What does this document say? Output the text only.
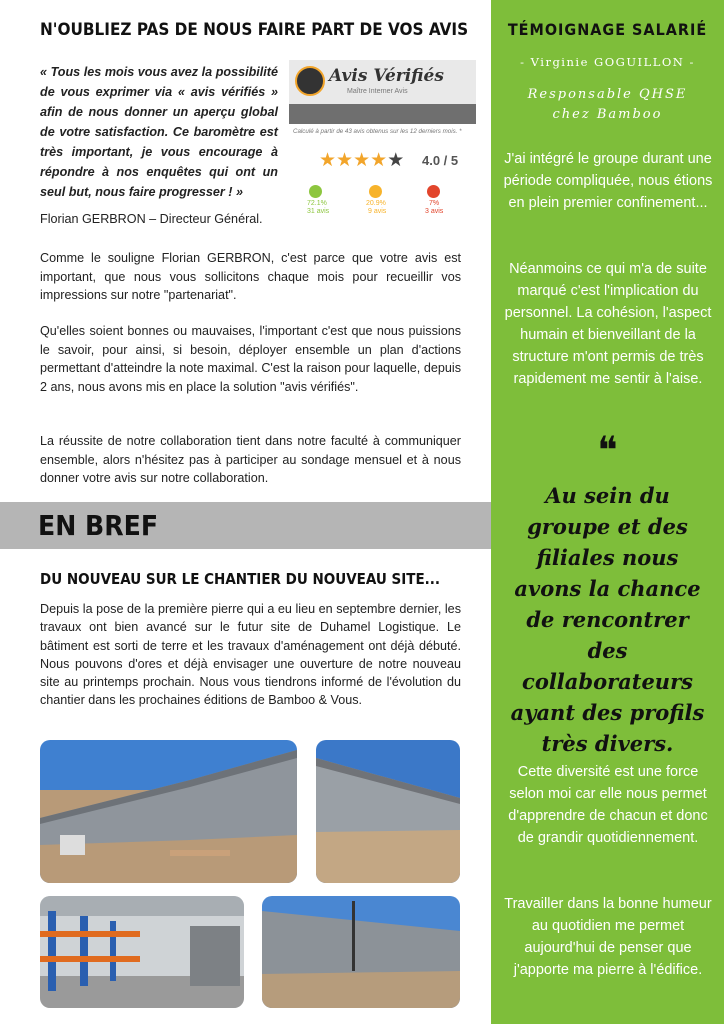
N'OUBLIEZ PAS DE NOUS FAIRE PART DE VOS AVIS
« Tous les mois vous avez la possibilité de vous exprimer via « avis vérifiés » afin de nous donner un aperçu global de votre satisfaction. Ce baromètre est très important, je vous encourage à répondre à nos enquêtes qui ont un seul but, nous faire progresser ! »
Florian GERBRON – Directeur Général.
Avis Vérifiés
Maître Interner Avis
Calculé à partir de 43 avis obtenus sur les 12 derniers mois. *
★★★★★ 4.0 / 5
72.1%
31 avis
20.9%
9 avis
7%
3 avis
Comme le souligne Florian GERBRON, c'est parce que votre avis est important, que nous vous sollicitons chaque mois pour recueillir vos impressions sur notre "partenariat".
Qu'elles soient bonnes ou mauvaises, l'important c'est que nous puissions le savoir, pour ainsi, si besoin, déployer ensemble un plan d'actions permettant d'atteindre la note maximal. C'est la raison pour laquelle, depuis 2 ans, nous avons mis en place la solution "avis vérifiés".
La réussite de notre collaboration tient dans notre faculté à communiquer ensemble, alors n'hésitez pas à participer au sondage mensuel et à nous donner votre avis sur notre collaboration.
EN BREF
DU NOUVEAU SUR LE CHANTIER DU NOUVEAU SITE...
Depuis la pose de la première pierre qui a eu lieu en septembre dernier, les travaux ont bien avancé sur le futur site de Duhamel Logistique. Le bâtiment est sorti de terre et les travaux d'aménagement ont déjà débuté. Nous pouvons d'ores et déjà envisager une ouverture de notre nouveau site au printemps prochain. Nous vous tiendrons informé de l'évolution du chantier dans les prochaines éditions de Bamboo & Vous.
TÉMOIGNAGE SALARIÉ
- Virginie GOGUILLON -
Responsable QHSE
chez Bamboo
J'ai intégré le groupe durant une période compliquée, nous étions en plein premier confinement...
Néanmoins ce qui m'a de suite marqué c'est l'implication du personnel. La cohésion, l'aspect humain et bienveillant de la structure m'ont permis de très rapidement me sentir à l'aise.
❝
Au sein du groupe et des filiales nous avons la chance de rencontrer des collaborateurs ayant des profils très divers.
Cette diversité est une force selon moi car elle nous permet d'apprendre de chacun et donc de grandir quotidiennement.
Travailler dans la bonne humeur au quotidien me permet aujourd'hui de penser que j'apporte ma pierre à l'édifice.
